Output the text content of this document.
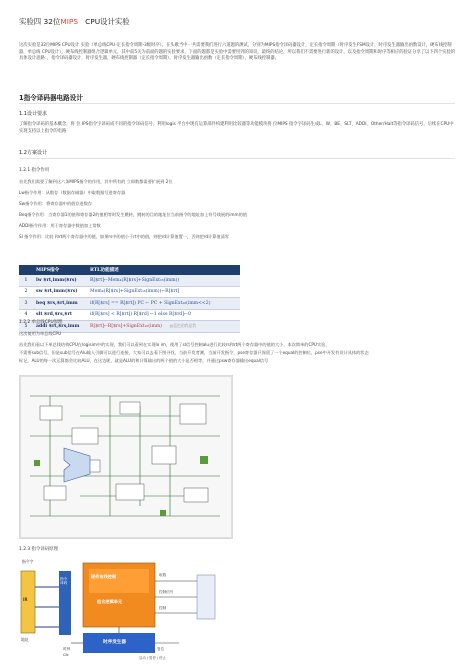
实验四 32位MIPS CPU设计实验
这次实验是32位MIPS CPU设计 实验（单总线CPU-定长指令周期-3级时序）。在头歌当中一共需要我们进行六道题的测试，分别为MIPS指令译码器设计，定长指令周期（时序发生FSM设计，时序发生器输出函数设计，硬布线控制器，单总线 CPU设计），硬布线控制器组合逻辑单元，其中前5关为前面的题的实验要求，下面的题都是实验中需要用到的知识，最终的结论，所以我们不需要进行新的设计，以及指令周期和时序等相应的验证分享了以下四个实验的具体设计思路：，指令译码器设计，时序发生器，硬布线控制器（定长指令周期），时序发生器输出函数（定长指令周期），硬布线控制器。
1指令译码器电路设计
1.1设计要求
了解指令译码的基本概念，将 位 IPS指令字译码成不同的指令译码信号，利用logis 平台中现有运算部件构建利用比较器等功能模块将 位MIPS 指令字译码生成L、W、BE、SLT、ADDI、Other/Halt等指令译码信号，后续在CPU中实现支持以上指令的电路
1.2方案设计
1.2.1 指令作用
首先我们需要了解到这六条MIPS指令的作用，其中所有的 立即数都需要扩展到 2位
Lw指令作用：从数存（数据存储器）中取数据写进寄存器
Sw指令作用：将寄存器中的值存进数存
Beq指令作用：当寄存器1的值和寄存器2的值相等时发生跳转，跳转的目的地址位当前指令的地址加上符号线展的imm的值
ADDI指令作用：用于寄存器中数值加上常数
Sl 指令作用：比较 和rt两个寄存器中的值，如果rs中的值小于rt中的值，则把rd计算值置一，否则把rd计算值清零
	MIPS指令	RTL功能描述
1	lw $rt,imm($rs)	R[$rt]←Mem₄(R[$rs]+SignExt₁₆(imm))
2	sw $rt,imm($rs)	Mem₄(R[$rs]+SignExt₁₆(imm))←R[$rt]
3	beq $rs,$rt,imm	if(R[$rs] == R[$rt]) PC ← PC + SignExt₁₈(imm<<2)
4	slt $rd,$rs,$rt	if(R[$rs] < R[$rt]) R[$rd] ←1 else R[$rd]←0
5	addi $rt,$rs,imm	R[$rt]←R[$rs]+SignExt₁₆(imm) @蓝色的我是我
1.2.2 单总线CPU原理
这次使用为单总线CPU
首先我们看以下单总线结构CPU在logisim中的实现，我们可以看到在实现lo im，使用了sl信号控制alu进行比较rs和rt两个寄存器中的值的大小，本次简单的CPU实验，
不需要sub信号，但是sub信号在Alu输入引脚可以进行连接，大家可以去看下图寻找，当前开发者测，当前开发指令，pse寄存器只保留了一个equal的控制位，pse中开发有设计具体的状态
标记，ALU的每一次运算都会比较ALU，在这边呢，就是ALU的和计算输出的两个值的大小是否相等，并通过psw寄存器输出equal信号
1.2.3 指令译码原理
指令字
IR
地址
指令译码
硬件布线控制
组合逻辑单元
时序发生器
取数
控制信号
控制
时钟
Clk
复位
启动 / 暂停 / 停止
